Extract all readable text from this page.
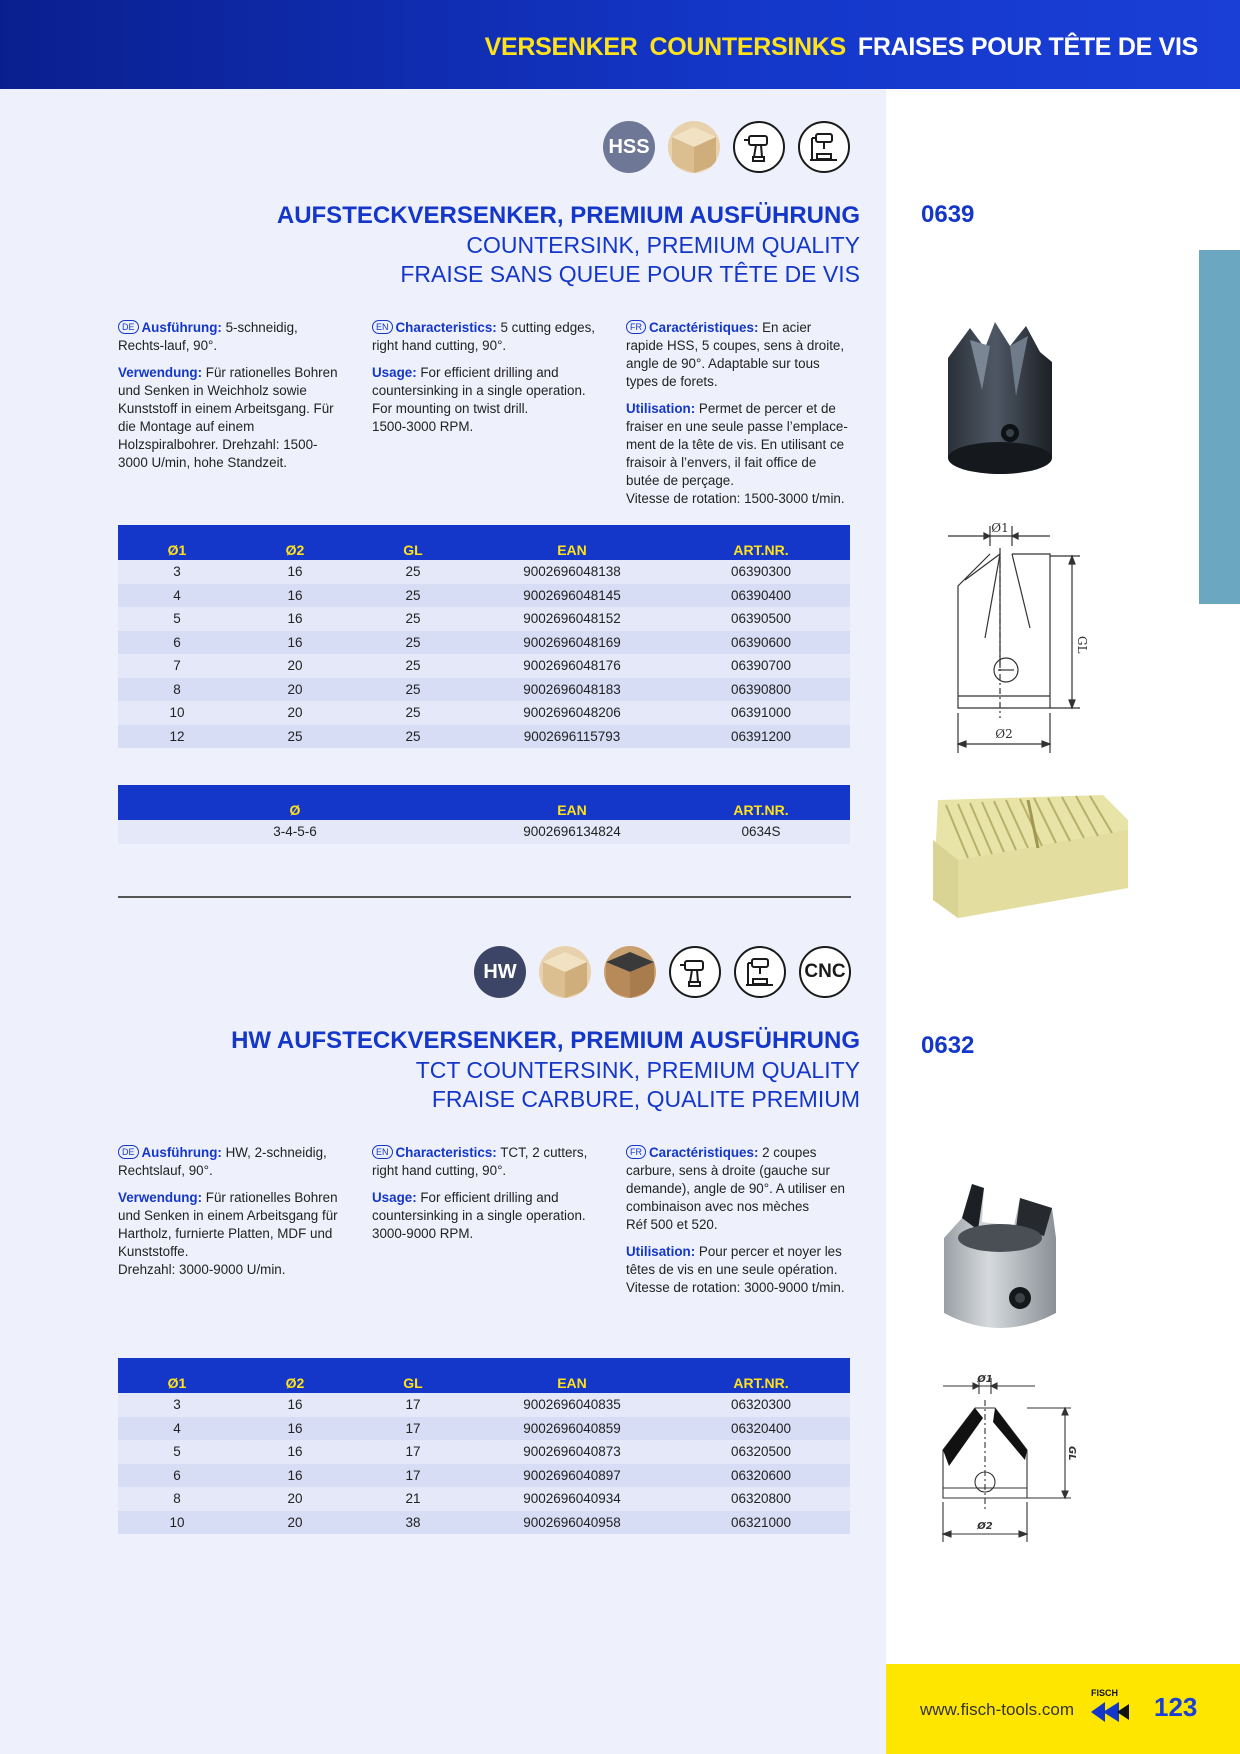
VERSENKER COUNTERSINKS FRAISES POUR TÊTE DE VIS
HSS
AUFSTECKVERSENKER, PREMIUM AUSFÜHRUNG
COUNTERSINK, PREMIUM QUALITY
FRAISE SANS QUEUE POUR TÊTE DE VIS
0639

DE Ausführung: 5-schneidig, Rechts-lauf, 90°.

Verwendung: Für rationelles Bohren und Senken in Weichholz sowie Kunststoff in einem Arbeitsgang. Für die Montage auf einem Holzspiralbohrer. Drehzahl: 1500-3000 U/min, hohe Standzeit.

EN Characteristics: 5 cutting edges, right hand cutting, 90°.

Usage: For efficient drilling and countersinking in a single operation. For mounting on twist drill.
1500-3000 RPM.

FR Caractéristiques: En acier rapide HSS, 5 coupes, sens à droite, angle de 90°. Adaptable sur tous types de forets.

Utilisation: Permet de percer et de fraiser en une seule passe l’emplace-ment de la tête de vis. En utilisant ce fraisoir à l’envers, il fait office de butée de perçage.
Vitesse de rotation: 1500-3000 t/min.

Ø1	Ø2	GL	EAN	ART.NR.
3	16	25	9002696048138	06390300
4	16	25	9002696048145	06390400
5	16	25	9002696048152	06390500
6	16	25	9002696048169	06390600
7	20	25	9002696048176	06390700
8	20	25	9002696048183	06390800
10	20	25	9002696048206	06391000
12	25	25	9002696115793	06391200
Ø	EAN	ART.NR.
3-4-5-6	9002696134824	0634S
Ø1
GL
Ø2
HW	CNC
HW AUFSTECKVERSENKER, PREMIUM AUSFÜHRUNG
TCT COUNTERSINK, PREMIUM QUALITY
FRAISE CARBURE, QUALITE PREMIUM
0632

DE Ausführung: HW, 2-schneidig, Rechtslauf, 90°.

Verwendung: Für rationelles Bohren und Senken in einem Arbeitsgang für Hartholz, furnierte Platten, MDF und Kunststoffe.
Drehzahl: 3000-9000 U/min.

EN Characteristics: TCT, 2 cutters, right hand cutting, 90°.

Usage: For efficient drilling and countersinking in a single operation.
3000-9000 RPM.

FR Caractéristiques: 2 coupes carbure, sens à droite (gauche sur demande), angle de 90°. A utiliser en combinaison avec nos mèches
Réf 500 et 520.

Utilisation: Pour percer et noyer les têtes de vis en une seule opération.
Vitesse de rotation: 3000-9000 t/min.

Ø1	Ø2	GL	EAN	ART.NR.
3	16	17	9002696040835	06320300
4	16	17	9002696040859	06320400
5	16	17	9002696040873	06320500
6	16	17	9002696040897	06320600
8	20	21	9002696040934	06320800
10	20	38	9002696040958	06321000
Ø1
GL
Ø2
www.fisch-tools.com
FISCH 123
